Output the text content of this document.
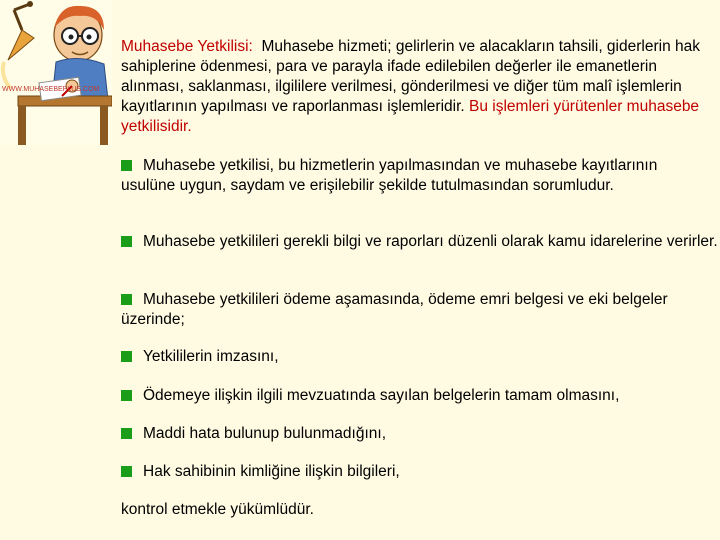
WWW.MUHASEBEPLUS.COM
Muhasebe Yetkilisi: Muhasebe hizmeti; gelirlerin ve alacakların tahsili, giderlerin hak sahiplerine ödenmesi, para ve parayla ifade edilebilen değerler ile emanetlerin alınması, saklanması, ilgililere verilmesi, gönderilmesi ve diğer tüm malî işlemlerin kayıtlarının yapılması ve raporlanması işlemleridir. Bu işlemleri yürütenler muhasebe yetkilisidir.
Muhasebe yetkilisi, bu hizmetlerin yapılmasından ve muhasebe kayıtlarının usulüne uygun, saydam ve erişilebilir şekilde tutulmasından sorumludur.
Muhasebe yetkilileri gerekli bilgi ve raporları düzenli olarak kamu idarelerine verirler.
Muhasebe yetkilileri ödeme aşamasında, ödeme emri belgesi ve eki belgeler üzerinde;
Yetkililerin imzasını,
Ödemeye ilişkin ilgili mevzuatında sayılan belgelerin tamam olmasını,
Maddi hata bulunup bulunmadığını,
Hak sahibinin kimliğine ilişkin bilgileri,
kontrol etmekle yükümlüdür.
